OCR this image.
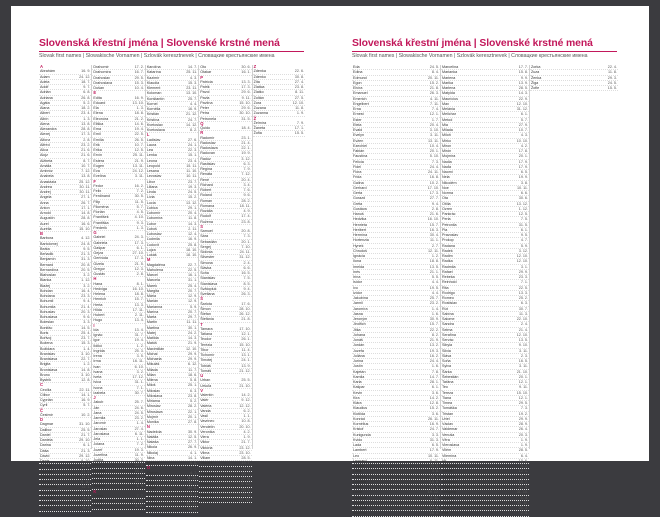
Slovenská křestní jména | Slovenské krstné mená
Slovak first names | Slowakische Vornamen | Szlovák keresztnevek | Словацкие крестьянские имена
A
Abrahám	16. 9.
Adam	24. 12.
Adela	18. 7.
Adolf	9. 7.
Adrián	6. 8.
Adriana	26. 8.
Agáta	5. 2.
Alana	18. 2.
Albert	23. 4.
Albín	1. 3.
Alena	13. 8.
Alexandra	28. 8.
Alexej	17. 3.
Alfonz	2. 8.
Alfréd	23. 2.
Alica	21. 6.
Alojz	21. 6.
Alžbeta	8. 7.
Amália	10. 7.
Ambróz	7. 12.
Anabela	13. 8.
Anastázia	25. 12.
Andrea	30. 11.
Andrej	30. 11.
Angela	27. 1.
Anna	26. 7.
Anton	17. 1.
Arnold	14. 8.
Augustín	28. 8.
Aurel	16. 6.
Aurélia	15. 10.
B
Barbora	4. 12.
Bartolomej	24. 8.
Beáta	9. 5.
Beňadik	21. 3.
Benjamín	31. 3.
Bernard	20. 8.
Bernardína	20. 5.
Blahoslav	3. 2.
Blanka	1. 12.
Blažej	3. 2.
Bohdan	16. 4.
Bohdana	23. 3.
Bohumil	9. 4.
Bohumila	21. 4.
Bohuslav	20. 3.
Bohuslava	9. 6.
Boleslav	3. 3.
Bonifác	14. 5.
Boris	25. 4.
Bořivoj	23. 7.
Božena	15. 3.
Božidara	1. 4.
Branislav	3. 10.
Branislava	22. 7.
Brigita	1. 2.
Bronislava	14. 8.
Bruno	3. 10.
Bystrík	12. 8.
C
Cecília	22. 11.
Ctibor	14. 1.
Cyprián	16. 9.
Cyril	5. 7.
Č
Čestmír	10. 2.
D
Dagmar	31. 10.
Dalibor	25. 5.
Daniel	21. 7.
Daniela	29. 10.
Darina	6. 1.
Dáša	21. 3.
Dávid	29. 12.
Denis	9. 10.
Denisa	12. 5.
Dezider	23. 5.
Diana	10. 6.
Dionýz	9. 10.
Dobromila	11. 1.
Dobroslav	15. 6.
Dominik	4. 8.
Dominika	4. 8.
Dorota	6. 2.
Drahomír	17. 2.
Drahomíra	16. 7.
Drahoslav	29. 5.
Drahoslava	15. 3.
Dušan	10. 4.
E
Edita	16. 9.
Eduard	13. 10.
Ela	1. 3.
Elena	18. 8.
Eleonóra	21. 2.
Eliška	14. 6.
Ema	19. 4.
Emil	22. 5.
Emília	26. 5.
Erik	10. 7.
Erika	12. 5.
Ervín	25. 11.
Estera	21. 9.
Eugen	13. 11.
Eva	24. 12.
Evelína	3. 11.
F
Fedor	16. 2.
Felix	7. 2.
Ferdinand	30. 5.
Filip	11. 5.
Filoména	5. 7.
Florián	4. 5.
František	4. 10.
Františka	9. 3.
Frederik	1. 3.
G
Gabriel	24. 3.
Gabriela	17. 3.
Gašpar	6. 1.
Gejza	27. 10.
Gertrúda	17. 3.
Gizela	21. 5.
Gregor	12. 3.
Gustáv	2. 8.
H
Hana	8. 1.
Hedviga	16. 10.
Helena	18. 8.
Henrich	15. 7.
Herta	13. 3.
Hilda	17. 11.
Hubert	2. 11.
Hugo	13. 4.
I
Ida	13. 4.
Ignác	31. 7.
Igor	19. 4.
Ildikó	1. 2.
Ingrida	25. 3.
Irena	3. 5.
Irma	16. 11.
Ivan	6. 10.
Ivana	3. 2.
Iveta	17. 12.
Ivica	31. 1.
Ivona	7. 1.
Izabela	30. 7.
J
Jakub	25. 7.
Ján	24. 6.
Jana	24. 5.
Jarmila	23. 2.
Jaromír	1. 4.
Jaroslav	27. 4.
Jaroslava	6. 11.
Jela	1. 1.
Jolana	7. 2.
Jozef	19. 3.
Jozefína	11. 9.
Judita	30. 3.
Júlia	22. 5.
Juliana	16. 2.
Július	2. 1.
Juraj	24. 4.
Justína	1. 6.
K
Kamil	7. 7.
Karin	27. 10.
Karol	4. 11.
Karolína	14. 7.
Katarína	25. 11.
Kazimír	4. 3.
Klaudia	15. 3.
Klement	23. 11.
Koloman	13. 10.
Konštantín	25. 7.
Kornel	4. 4.
Kornélia	16. 9.
Kristián	21. 12.
Kristína	24. 7.
Kvetoslav	14. 12.
Kvetoslava	8. 2.
L
Ladislav	27. 6.
Laura	24. 1.
Lea	22. 3.
Lenka	15. 1.
Leona	23. 4.
Leopold	15. 11.
Lesana	11. 10.
Levoslav	10. 11.
Libor	23. 7.
Liliana	19. 3.
Linda	24. 5.
Lívia	15. 2.
Lucia	13. 12.
Ľubica	29. 1.
Ľubomír	20. 4.
Ľubomíra	11. 8.
Ľubor	14. 3.
Ľuboš	2. 11.
Ľuboslav	12. 4.
Ľudmila	16. 9.
Ľudovít	25. 8.
Lujza	18. 10.
Lukáš	18. 10.
M
Magdaléna	22. 7.
Mahulena	22. 5.
Marcel	16. 1.
Marcela	31. 1.
Marek	25. 4.
Margita	20. 7.
Mária	12. 9.
Marián	12. 9.
Marianna	5. 9.
Marína	20. 7.
Marta	29. 7.
Martin	11. 11.
Martina	30. 1.
Matej	24. 2.
Matilda	14. 3.
Matúš	21. 9.
Maximilián	12. 10.
Michal	29. 9.
Michaela	29. 9.
Mikuláš	6. 12.
Milada	11. 7.
Milan	18. 6.
Milena	5. 8.
Miloš	25. 1.
Miloslav	6. 3.
Miloslava	23. 8.
Miriama	5. 2.
Miroslav	28. 2.
Miroslava	22. 1.
Mojmír	20. 1.
Monika	27. 8.
N
Nadežda	30. 9.
Natália	12. 5.
Nataša	27. 7.
Nikola	26. 9.
Nikolaj	4. 1.
Nina	14. 1.
Norbert	6. 6.
O
Oldrich	4. 7.
Oleg	8. 10.
Olga	11. 7.
Oliver	22. 6.
Olívia	5. 3.
Oľga	11. 7.
Ondrej	30. 11.
Oskar	15. 4.
Oto	30. 6.
Otakar	16. 1.
P
Patrícia	13. 3.
Patrik	17. 3.
Pavol	29. 6.
Pavla	9. 11.
Pavlína	15. 10.
Peter	29. 6.
Petra	30. 10.
Petronela	31. 5.
Q
Quido	18. 4.
R
Radomír	23. 1.
Radoslav	21. 4.
Radoslava	22. 1.
Radovan	19. 9.
Radúz	3. 12.
Rastislav	6. 3.
Regína	7. 9.
Renáta	7. 12.
René	20. 4.
Richard	3. 4.
Róbert	7. 6.
Roland	9. 6.
Roman	28. 2.
Romana	18. 11.
Rozália	4. 9.
Rudolf	17. 4.
Ružena	23. 8.
S
Samuel	20. 8.
Sára	7. 3.
Sebastián	20. 1.
Sergej	7. 10.
Sidónia	24. 11.
Silvester	31. 12.
Simona	2. 4.
Slávka	6. 6.
Soňa	16. 5.
Stanislav	7. 5.
Stanislava	8. 5.
Svätopluk	9. 4.
Svetlana	26. 3.
Š
Šarlota	17. 6.
Šimon	28. 10.
Štefan	26. 12.
Štefánia	21. 8.
T
Tamara	17. 10.
Tatiana	12. 1.
Teodor	26. 1.
Terézia	15. 10.
Tibor	11. 4.
Tichomír	13. 1.
Timotej	24. 1.
Tobiáš	13. 9.
Tomáš	21. 12.
U
Urban	25. 5.
Uršuľa	21. 10.
V
Valentín	14. 2.
Valér	9. 12.
Valéria	12. 12.
Vanda	6. 2.
Vasil	1. 1.
Vavrinec	10. 8.
Vendelín	20. 10.
Veronika	4. 2.
Viera	1. 9.
Viktor	21. 7.
Viktória	23. 12.
Vilma	23. 10.
Viliam	28. 5.
Vincent	19. 7.
Viola	2. 9.
Vladimír	15. 7.
Vladislav	27. 6.
Vlasta	5. 12.
Vlastimil	29. 1.
Vojtech	23. 4.
Vratislav	27. 12.
Z
Zdenka	22. 6.
Zdenko	30. 8.
Zita	27. 4.
Zlatica	23. 8.
Zlatko	8. 11.
Zoltán	27. 5.
Zora	12. 10.
Zuzana	11. 8.
Zuzanna	1. 9.
Ž
Želmíra	7. 9.
Žaneta	17. 1.
Žofia	15. 5.
Slovenská křestní jména | Slovenské krstné mená
Slovak first names | Slowakische Vornamen | Szlovák keresztnevek | Словацкие крестьянские имена
Eda	24. 5.
Edina	8. 4.
Edmund	20. 11.
Egon	15. 2.
Elvíra	21. 8.
Emanuel	26. 3.
Emerich	4. 11.
Engelbert	7. 11.
Erna	7. 4.
Ernest	12. 1.
Ester	1. 7.
Etela	20. 4.
Evald	3. 10.
Evelyn	3. 11.
Evžen	13. 11.
Ezechiel	10. 4.
Fabián	20. 1.
Faustína	5. 10.
Felícia	7. 3.
Fidel	24. 4.
Flóra	24. 11.
Frida	16. 8.
Galina	10. 2.
Gerhard	17. 10.
Gerta	17. 3.
Gorazd	27. 7.
Gréta	9. 4.
Gustáva	2. 8.
Hanuš	21. 6.
Hedvika	16. 10.
Henrieta	15. 7.
Heribert	16. 3.
Hermína	30. 4.
Hortenzia	11. 1.
Hynek	2. 7.
Chrudoš	12. 11.
Ignácia	1. 2.
Ilona	18. 8.
Imelda	13. 5.
Inés	21. 1.
Irína	5. 5.
Isidor	4. 4.
Ivo	19. 5.
Izidor	4. 4.
Jakubína	25. 7.
Jarmil	23. 2.
Jaromíra	1. 4.
Jasna	1. 6.
Jeroným	30. 9.
Jindřich	15. 7.
Jitka	22. 2.
Johana	8. 2.
Jonáš	21. 9.
Jordán	13. 2.
Jozefa	19. 3.
Juliána	16. 2.
Jurina	24. 4.
Justín	1. 6.
Kajetán	7. 8.
Kamila	14. 7.
Karla	28. 1.
Kašpar	6. 1.
Kevin	3. 6.
Kira	14. 2.
Klára	12. 8.
Klaudius	15. 2.
Klotilda	3. 6.
Konrád	26. 11.
Kornélius	16. 9.
Kristof	24. 7.
Kunigunda	3. 3.
Kvido	31. 3.
Lada	6. 5.
Lambert	17. 9.
Leo	10. 11.
Leonard	6. 11.
Leonta	29. 5.
Lídia	3. 8.
Lubomír	20. 4.
Ludmila	16. 9.
Luisa	21. 6.
Lumír	19. 12.
Luptáka	2. 11.
Magda	22. 7.
Malvína	12. 8.
Manfréd	28. 1.
Marcelína	17. 7.
Marianka	15. 8.
Mariena	9. 9.
Marika	13. 9.
Marlena	28. 5.
Matylda	14. 3.
Maurícius	22. 9.
Max	12. 10.
Melánia	31. 12.
Melichar	6. 1.
Metod	5. 7.
Mia	27. 9.
Milada	10. 7.
Miloň	4. 3.
Mirko	10. 10.
Miron	4. 2.
Mirón	17. 8.
Mojmíra	20. 1.
Nadia	17. 9.
Naďa	17. 9.
Naomi	6. 5.
Nela	19. 9.
Nikodém	3. 8.
Noe	10. 11.
Norma	6. 6.
Ota	30. 6.
Otília	13. 12.
Ozren	1. 12.
Pankrác	12. 5.
Perla	7. 5.
Petronila	31. 5.
Pia	6. 1.
Pravoslav	9. 5.
Prokop	4. 7.
Radana	5. 9.
Radek	3. 12.
Radim	12. 10.
Radka	12. 10.
Radmila	3. 1.
Rafael	29. 9.
Rebeka	23. 3.
Reinhold	7. 1.
Rita	22. 5.
Rodrigo	13. 3.
Romeo	25. 2.
Rostislav	6. 3.
Rút	30. 7.
Sabína	11. 3.
Salome	22. 10.
Sandra	2. 4.
Selma	21. 4.
Serafína	12. 10.
Servác	13. 5.
Sibyla	9. 10.
Silvia	3. 11.
Sláva	2. 3.
Soňa	16. 5.
Sylva	3. 11.
Šárka	21. 10.
Šebestián	20. 1.
Taťána	12. 1.
Teo	9. 11.
Tereza	15. 10.
Tiana	12. 1.
Timea	29. 5.
Tomáška	7. 3.
Tristan	19. 2.
Uriel	29. 9.
Václav	28. 9.
Valdemar	26. 4.
Venuša	20. 3.
Věra	1. 9.
Vieroslava	1. 9.
Vilém	28. 5.
Vilemína	6. 4.
Vit	15. 6.
Vítězslav	4. 2.
Vladan	12. 1.
Vladěna	5. 1.
Vladimíra	15. 7.
Vladislava	27. 6.
Volfgang	31. 10.
Zbyněk	1. 4.
Zbyšek	20. 11.
Zina	21. 3.
Zoe	2. 5.
Zorka	22. 4.
Zuza	11. 8.
Ženka	29. 3.
Žiga	24. 5.
Žofie	15. 5.
